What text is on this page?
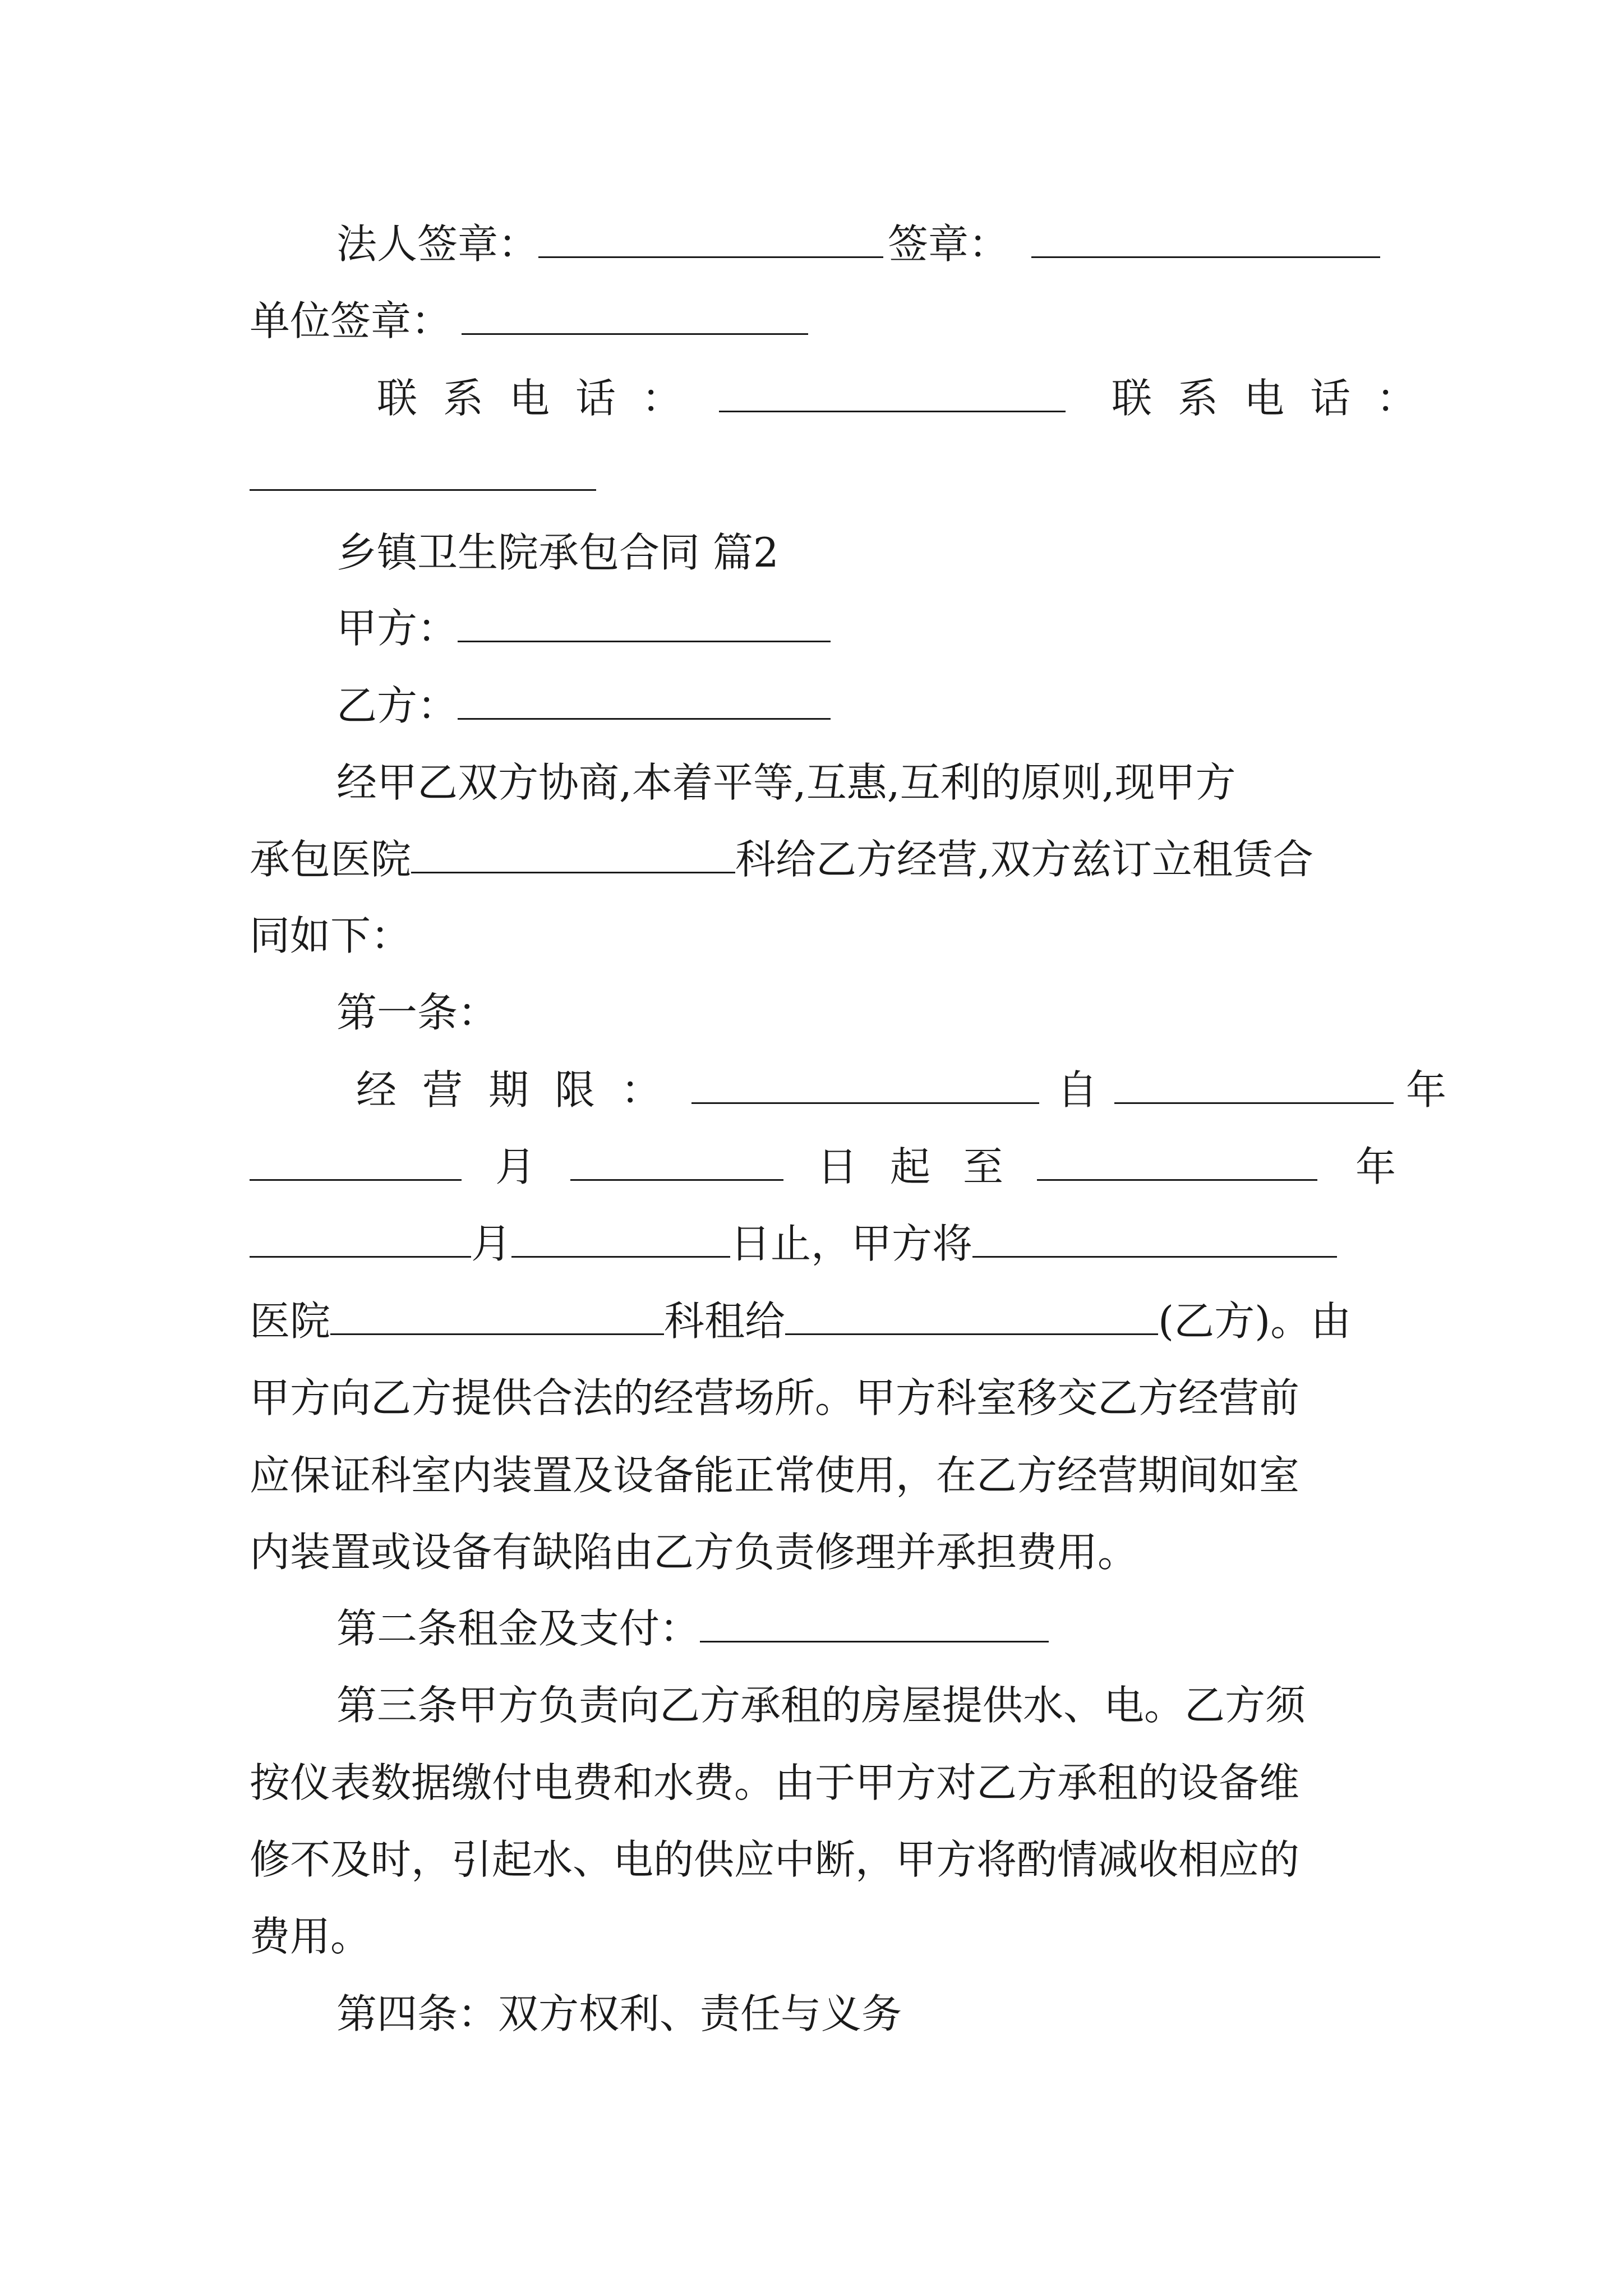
法人签章：	签章：
单位签章：
联系电话：	联系电话：
乡镇卫生院承包合同 篇2
甲方：
乙方：
经甲乙双方协商,本着平等,互惠,互利的原则,现甲方
承包医院	科给乙方经营,双方兹订立租赁合
同如下：
第一条：
经营期限：	自	年
月	日起至	年
月	日止，甲方将
医院	科租给	(乙方)。由
甲方向乙方提供合法的经营场所。甲方科室移交乙方经营前
应保证科室内装置及设备能正常使用，在乙方经营期间如室
内装置或设备有缺陷由乙方负责修理并承担费用。
第二条租金及支付：
第三条甲方负责向乙方承租的房屋提供水、电。乙方须
按仪表数据缴付电费和水费。由于甲方对乙方承租的设备维
修不及时，引起水、电的供应中断，甲方将酌情减收相应的
费用。
第四条：双方权利、责任与义务
